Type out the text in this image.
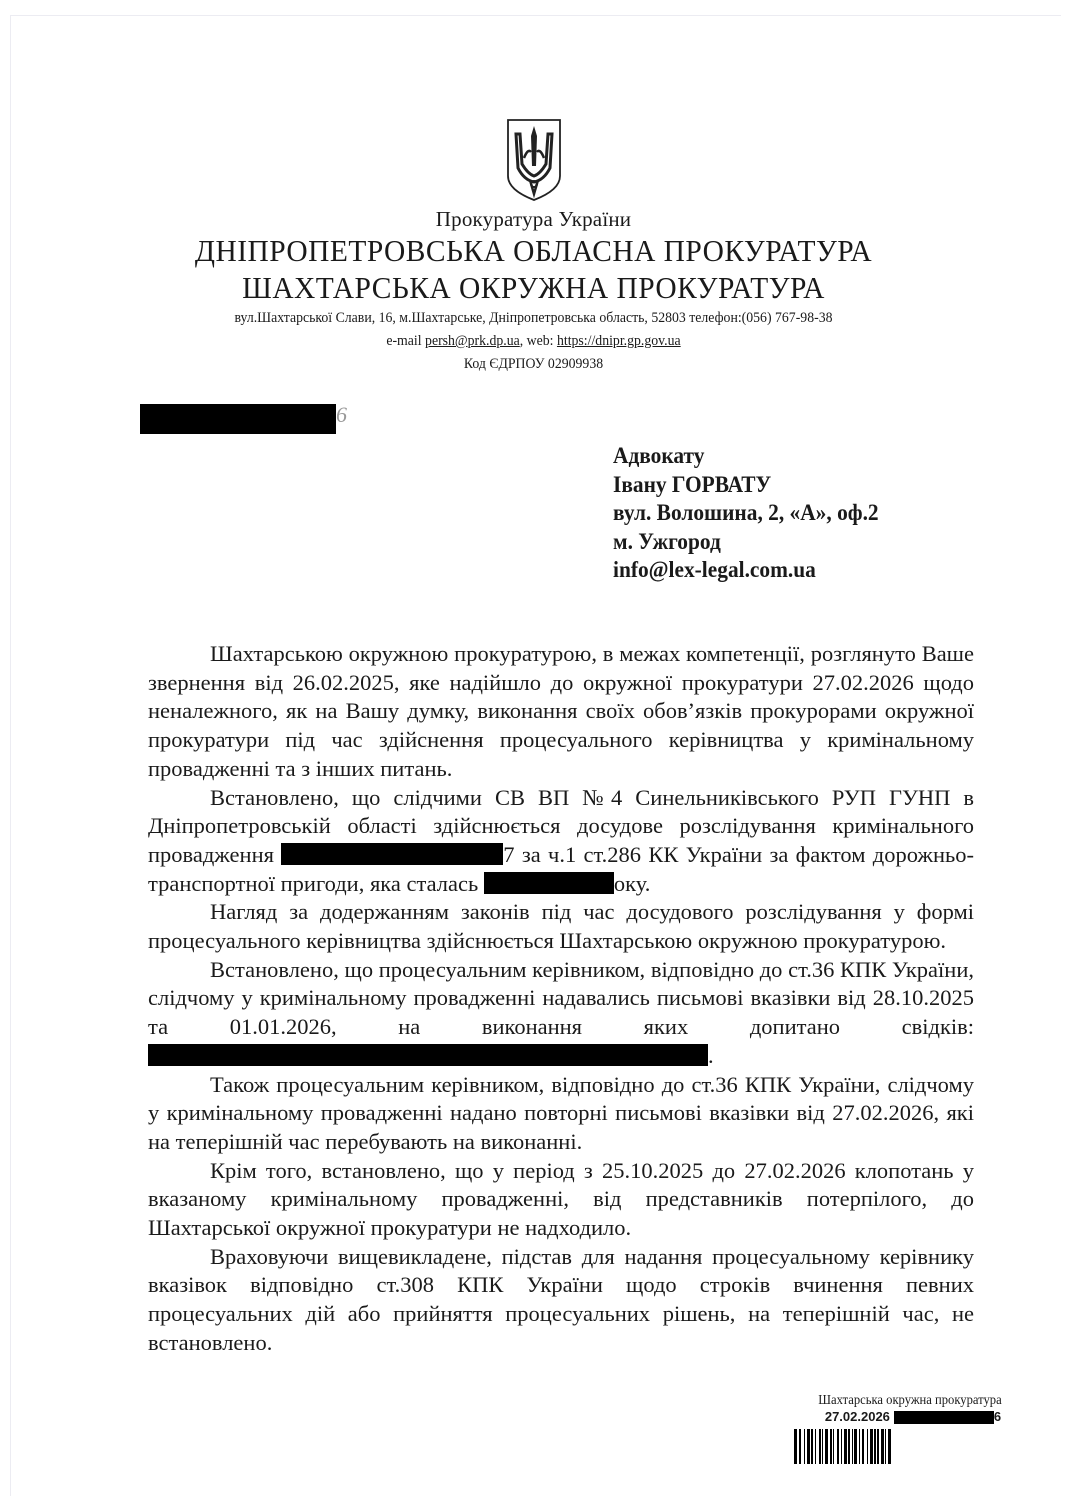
Прокуратура України
ДНІПРОПЕТРОВСЬКА ОБЛАСНА ПРОКУРАТУРА
ШАХТАРСЬКА ОКРУЖНА ПРОКУРАТУРА
вул.Шахтарської Слави, 16, м.Шахтарське, Дніпропетровська область, 52803 телефон:(056) 767-98-38
e-mail persh@prk.dp.ua, web: https://dnipr.gp.gov.ua
Код ЄДРПОУ 02909938
6
Адвокату
Івану ГОРВАТУ
вул. Волошина, 2, «А», оф.2
м. Ужгород
info@lex-legal.com.ua

Шахтарською окружною прокуратурою, в межах компетенції, розглянуто Ваше звернення від 26.02.2025, яке надійшло до окружної прокуратури 27.02.2026 щодо неналежного, як на Вашу думку, виконання своїх обов’язків прокурорами окружної прокуратури під час здійснення процесуального керівництва у кримінальному провадженні та з інших питань.

Встановлено, що слідчими СВ ВП №4 Синельниківського РУП ГУНП в Дніпропетровській області здійснюється досудове розслідування кримінального провадження	7 за ч.1 ст.286 КК України за фактом дорожньо-транспортної пригоди, яка сталась	оку.

Нагляд за додержанням законів під час досудового розслідування у формі процесуального керівництва здійснюється Шахтарською окружною прокуратурою.

Встановлено, що процесуальним керівником, відповідно до ст.36 КПК України, слідчому у кримінальному провадженні надавались письмові вказівки від 28.10.2025 та 01.01.2026, на виконання яких допитано свідків: .

Також процесуальним керівником, відповідно до ст.36 КПК України, слідчому у кримінальному провадженні надано повторні письмові вказівки від 27.02.2026, які на теперішній час перебувають на виконанні.

Крім того, встановлено, що у період з 25.10.2025 до 27.02.2026 клопотань у вказаному кримінальному провадженні, від представників потерпілого, до Шахтарської окружної прокуратури не надходило.

Враховуючи вищевикладене, підстав для надання процесуальному керівнику вказівок відповідно ст.308 КПК України щодо строків вчинення певних процесуальних дій або прийняття процесуальних рішень, на теперішній час, не встановлено.

Шахтарська окружна прокуратура
27.02.2026	6
